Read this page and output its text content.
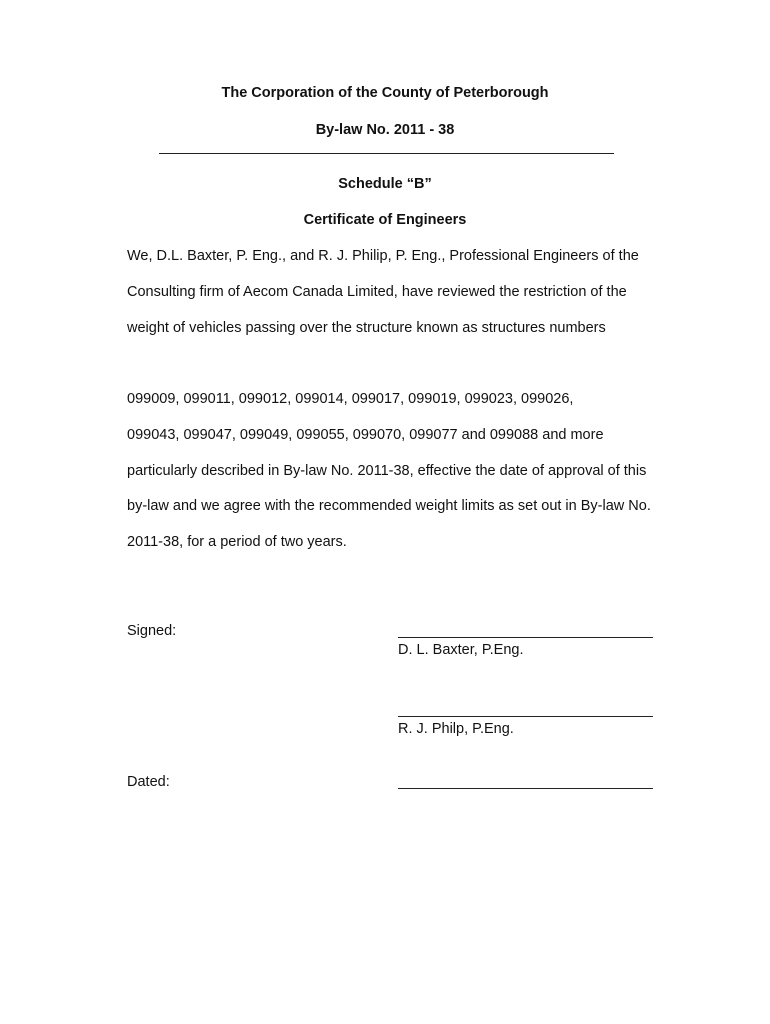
The Corporation of the County of Peterborough
By-law No. 2011 - 38
Schedule “B”
Certificate of Engineers
We, D.L. Baxter, P. Eng., and R. J. Philip, P. Eng., Professional Engineers of the
Consulting firm of Aecom Canada Limited, have reviewed the restriction of the
weight of vehicles passing over the structure known as structures numbers
099009, 099011, 099012, 099014, 099017, 099019, 099023, 099026,
099043, 099047, 099049, 099055, 099070, 099077 and 099088 and more
particularly described in By-law No. 2011-38, effective the date of approval of this
by-law and we agree with the recommended weight limits as set out in By-law No.
2011-38, for a period of two years.
Signed:
D. L. Baxter, P.Eng.
R. J. Philp, P.Eng.
Dated:
